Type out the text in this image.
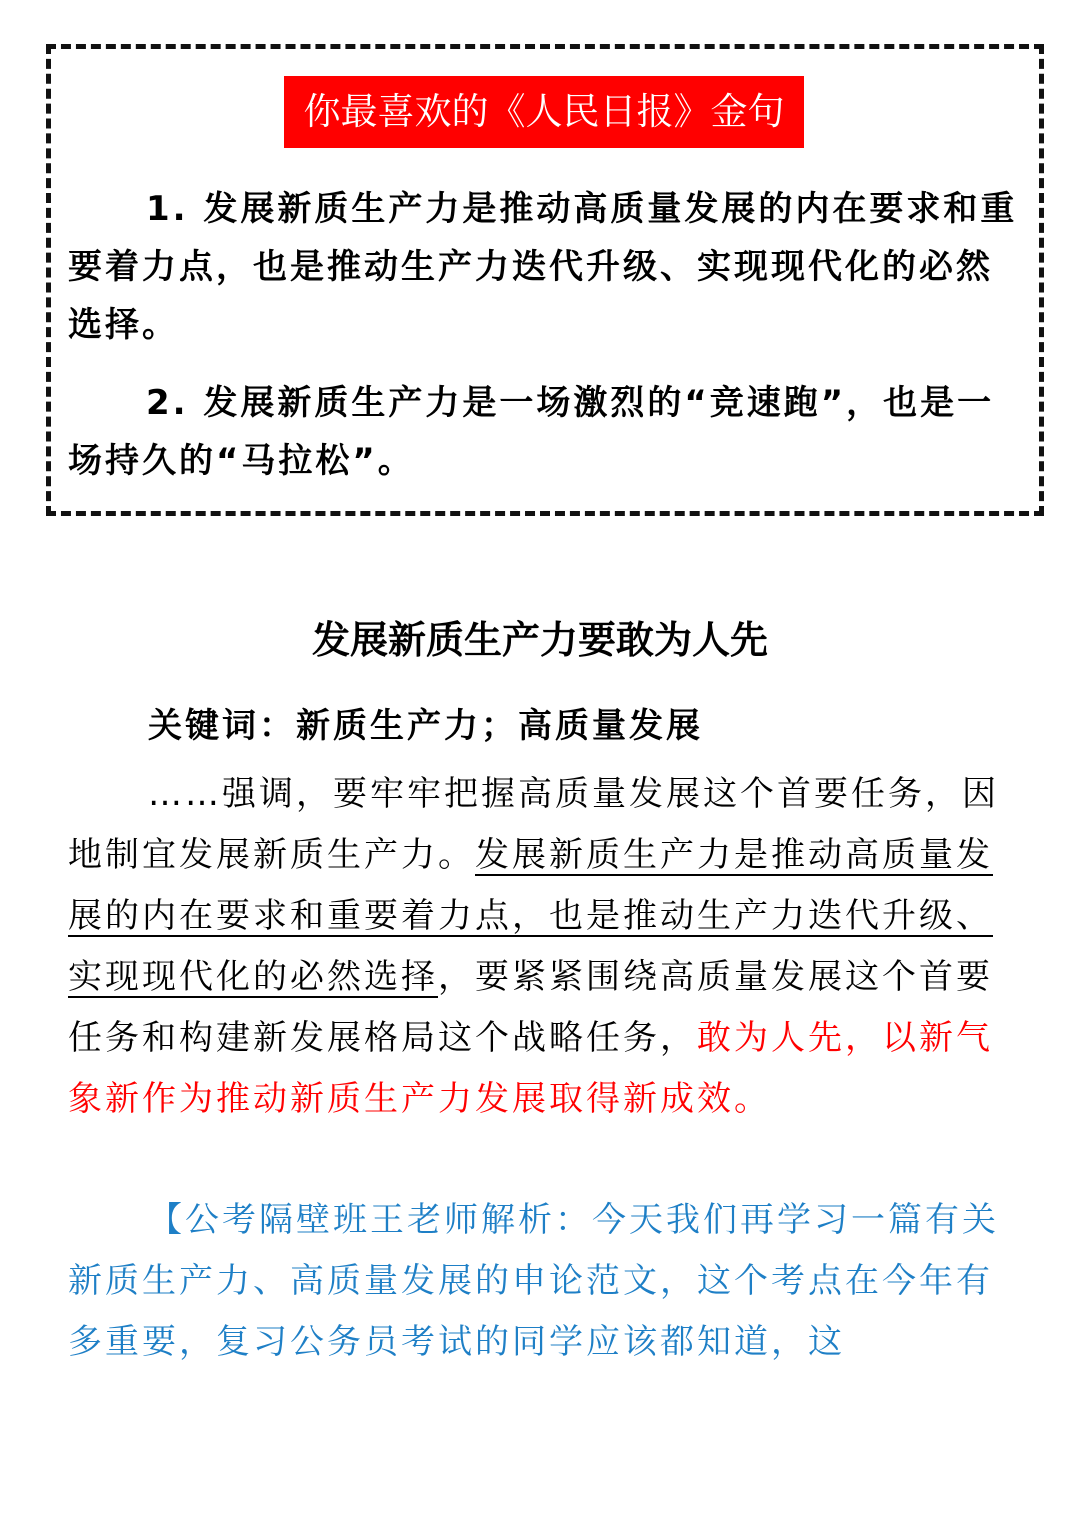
你最喜欢的《人民日报》金句

1. 发展新质生产力是推动高质量发展的内在要求和重要着力点，也是推动生产力迭代升级、实现现代化的必然选择。

2. 发展新质生产力是一场激烈的“竞速跑”，也是一场持久的“马拉松”。

发展新质生产力要敢为人先

关键词：新质生产力；高质量发展

……强调，要牢牢把握高质量发展这个首要任务，因地制宜发展新质生产力。发展新质生产力是推动高质量发展的内在要求和重要着力点，也是推动生产力迭代升级、实现现代化的必然选择，要紧紧围绕高质量发展这个首要任务和构建新发展格局这个战略任务，敢为人先，以新气象新作为推动新质生产力发展取得新成效。

【公考隔壁班王老师解析：今天我们再学习一篇有关新质生产力、高质量发展的申论范文，这个考点在今年有多重要，复习公务员考试的同学应该都知道，这
